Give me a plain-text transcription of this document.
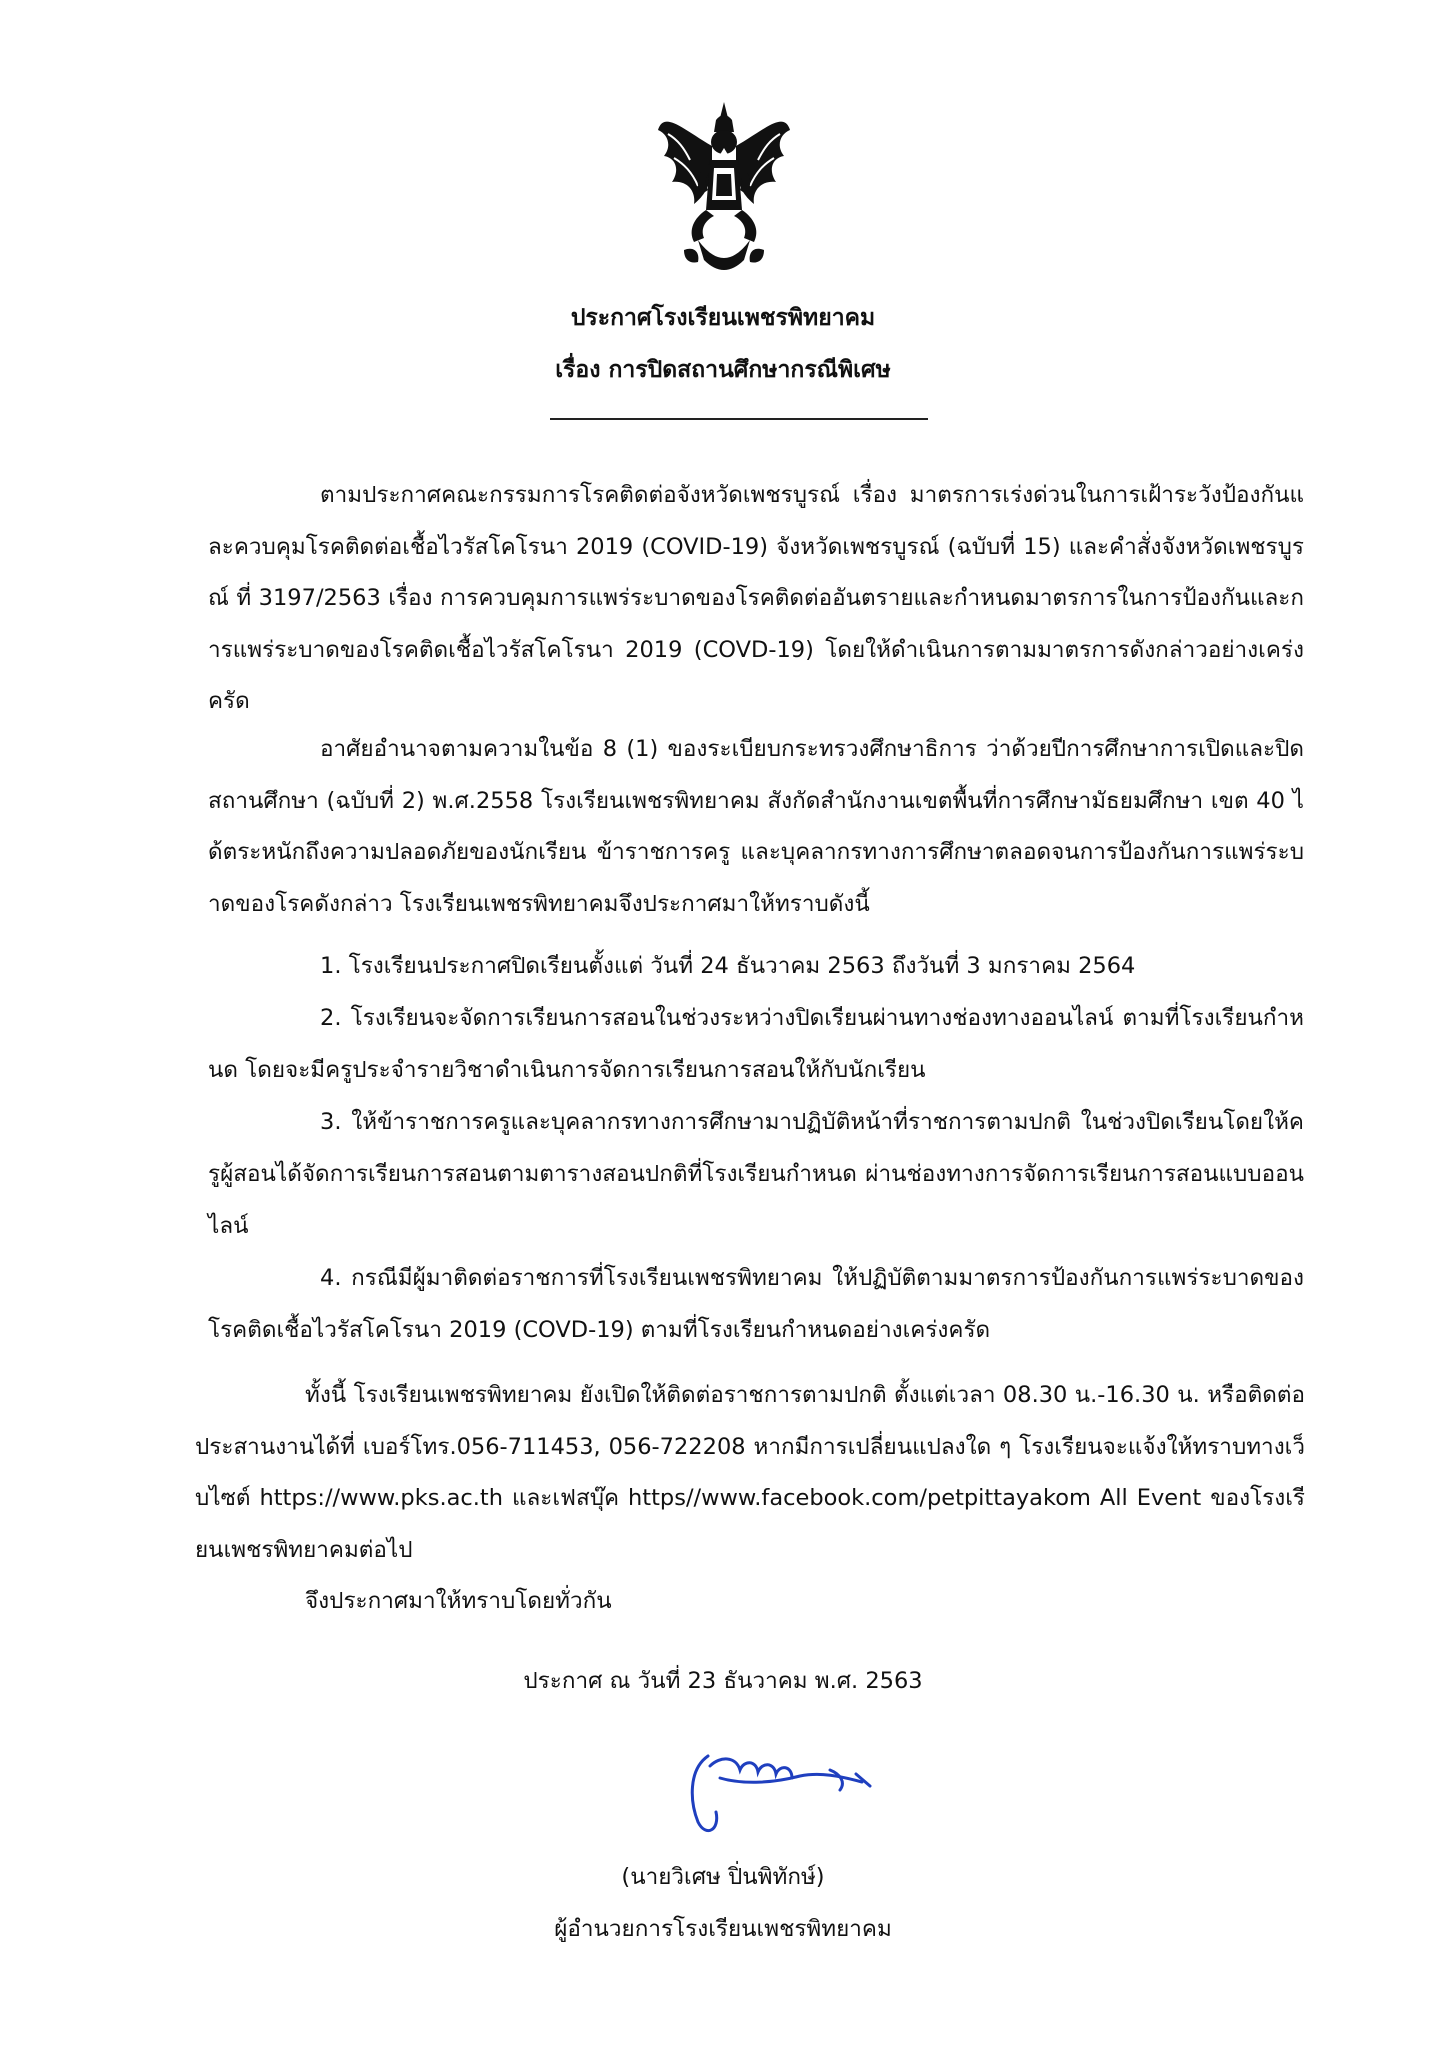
ประกาศโรงเรียนเพชรพิทยาคม
เรื่อง การปิดสถานศึกษากรณีพิเศษ
ตามประกาศคณะกรรมการโรคติดต่อจังหวัดเพชรบูรณ์ เรื่อง มาตรการเร่งด่วนในการเฝ้าระวังป้องกันและควบคุมโรคติดต่อเชื้อไวรัสโคโรนา 2019 (COVID-19) จังหวัดเพชรบูรณ์ (ฉบับที่ 15) และคำสั่งจังหวัดเพชรบูรณ์ ที่ 3197/2563 เรื่อง การควบคุมการแพร่ระบาดของโรคติดต่ออันตรายและกำหนดมาตรการในการป้องกันและการแพร่ระบาดของโรคติดเชื้อไวรัสโคโรนา 2019 (COVD-19) โดยให้ดำเนินการตามมาตรการดังกล่าวอย่างเคร่งครัด
อาศัยอำนาจตามความในข้อ 8 (1) ของระเบียบกระทรวงศึกษาธิการ ว่าด้วยปีการศึกษาการเปิดและปิดสถานศึกษา (ฉบับที่ 2) พ.ศ.2558 โรงเรียนเพชรพิทยาคม สังกัดสำนักงานเขตพื้นที่การศึกษามัธยมศึกษา เขต 40 ได้ตระหนักถึงความปลอดภัยของนักเรียน ข้าราชการครู และบุคลากรทางการศึกษาตลอดจนการป้องกันการแพร่ระบาดของโรคดังกล่าว โรงเรียนเพชรพิทยาคมจึงประกาศมาให้ทราบดังนี้
1. โรงเรียนประกาศปิดเรียนตั้งแต่ วันที่ 24 ธันวาคม 2563 ถึงวันที่ 3 มกราคม 2564
2. โรงเรียนจะจัดการเรียนการสอนในช่วงระหว่างปิดเรียนผ่านทางช่องทางออนไลน์ ตามที่โรงเรียนกำหนด โดยจะมีครูประจำรายวิชาดำเนินการจัดการเรียนการสอนให้กับนักเรียน
3. ให้ข้าราชการครูและบุคลากรทางการศึกษามาปฏิบัติหน้าที่ราชการตามปกติ ในช่วงปิดเรียนโดยให้ครูผู้สอนได้จัดการเรียนการสอนตามตารางสอนปกติที่โรงเรียนกำหนด ผ่านช่องทางการจัดการเรียนการสอนแบบออนไลน์
4. กรณีมีผู้มาติดต่อราชการที่โรงเรียนเพชรพิทยาคม ให้ปฏิบัติตามมาตรการป้องกันการแพร่ระบาดของโรคติดเชื้อไวรัสโคโรนา 2019 (COVD-19) ตามที่โรงเรียนกำหนดอย่างเคร่งครัด
ทั้งนี้ โรงเรียนเพชรพิทยาคม ยังเปิดให้ติดต่อราชการตามปกติ ตั้งแต่เวลา 08.30 น.-16.30 น. หรือติดต่อประสานงานได้ที่ เบอร์โทร.056-711453, 056-722208 หากมีการเปลี่ยนแปลงใด ๆ โรงเรียนจะแจ้งให้ทราบทางเว็บไซต์ https://www.pks.ac.th และเฟสบุ๊ค https//www.facebook.com/petpittayakom All Event ของโรงเรียนเพชรพิทยาคมต่อไป
จึงประกาศมาให้ทราบโดยทั่วกัน
ประกาศ ณ วันที่ 23 ธันวาคม พ.ศ. 2563
(นายวิเศษ ปิ่นพิทักษ์)
ผู้อำนวยการโรงเรียนเพชรพิทยาคม
